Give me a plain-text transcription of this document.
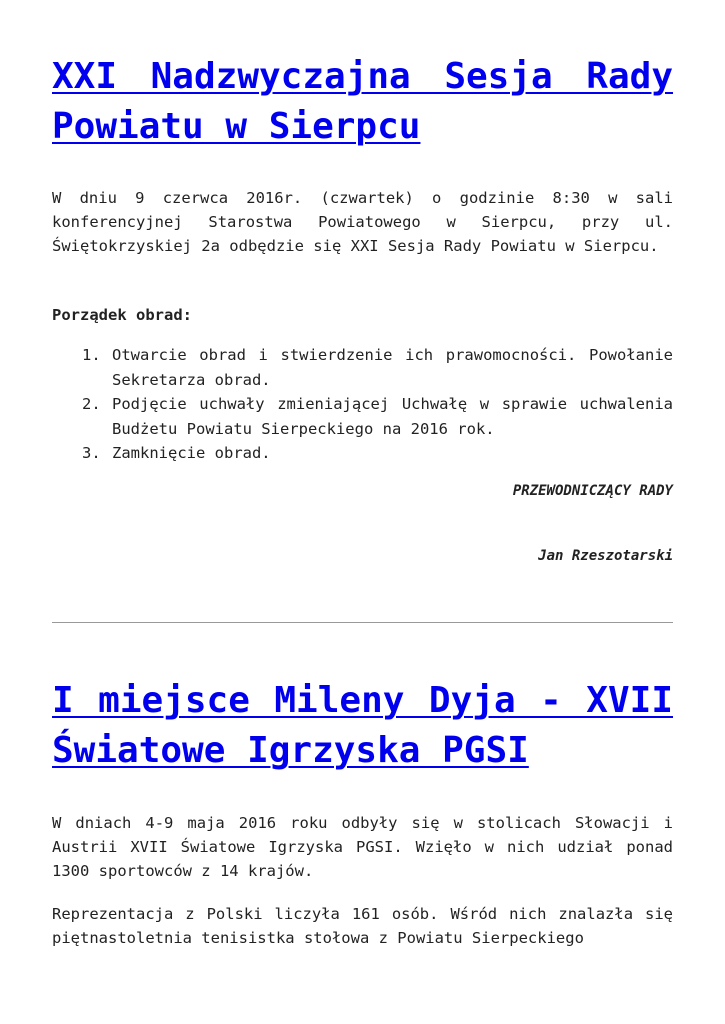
XXI Nadzwyczajna Sesja Rady Powiatu w Sierpcu

W dniu 9 czerwca 2016r. (czwartek) o godzinie 8:30 w sali konferencyjnej Starostwa Powiatowego w Sierpcu, przy ul. Świętokrzyskiej 2a odbędzie się XXI Sesja Rady Powiatu w Sierpcu.

Porządek obrad:

1. Otwarcie obrad i stwierdzenie ich prawomocności. Powołanie Sekretarza obrad.
2. Podjęcie uchwały zmieniającej Uchwałę w sprawie uchwalenia Budżetu Powiatu Sierpeckiego na 2016 rok.
3. Zamknięcie obrad.

PRZEWODNICZĄCY RADY

Jan Rzeszotarski

I miejsce Mileny Dyja - XVII Światowe Igrzyska PGSI

W dniach 4-9 maja 2016 roku odbyły się w stolicach Słowacji i Austrii XVII Światowe Igrzyska PGSI. Wzięło w nich udział ponad 1300 sportowców z 14 krajów.

Reprezentacja z Polski liczyła 161 osób. Wśród nich znalazła się piętnastoletnia tenisistka stołowa z Powiatu Sierpeckiego
